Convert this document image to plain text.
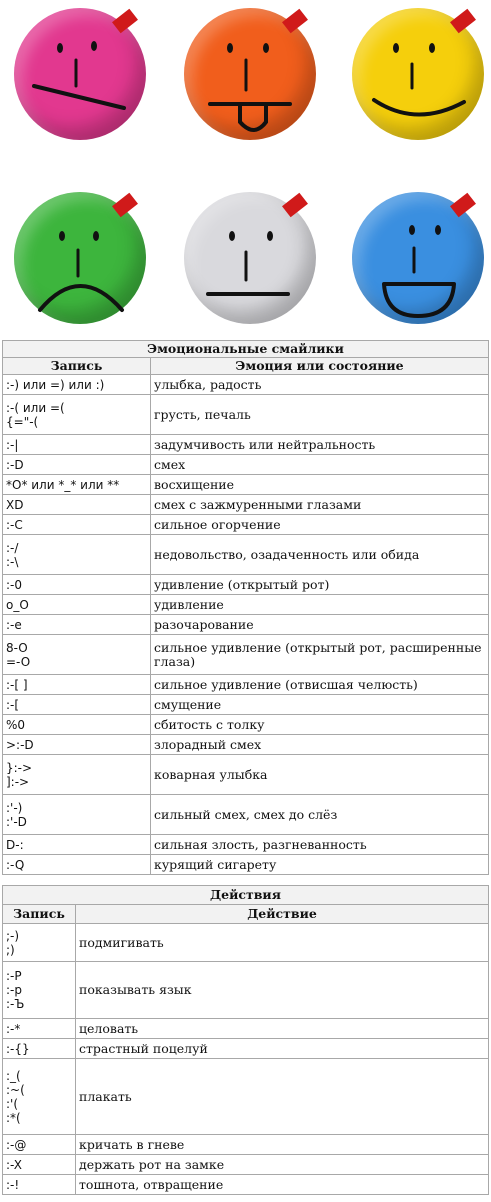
Эмоциональные смайлики	
Запись	Эмоция или состояние
:-) или =) или :)	улыбка, радость
:-( или =(
{="-(	грусть, печаль
:-|	задумчивость или нейтральность
:-D	смех
*O* или *_* или **	восхищение
XD	смех с зажмуренными глазами
:-C	сильное огорчение
:-/
:-\	недовольство, озадаченность или обида
:-0	удивление (открытый рот)
o_O	удивление
:-e	разочарование
8-O
=-O	сильное удивление (открытый рот, расширенные глаза)
:-[ ]	сильное удивление (отвисшая челюсть)
:-[	смущение
%0	сбитость с толку
>:-D	злорадный смех
}:->
]:->	коварная улыбка
:'-)
:'-D	сильный смех, смех до слёз
D-:	сильная злость, разгневанность
:-Q	курящий сигарету
Действия	
Запись	Действие
;-)
;)	подмигивать
:-P
:-p
:-Ъ	показывать язык
:-*	целовать
:-{}	страстный поцелуй
:_(
:~(
:'(
:*(	плакать
:-@	кричать в гневе
:-X	держать рот на замке
:-!	тошнота, отвращение
